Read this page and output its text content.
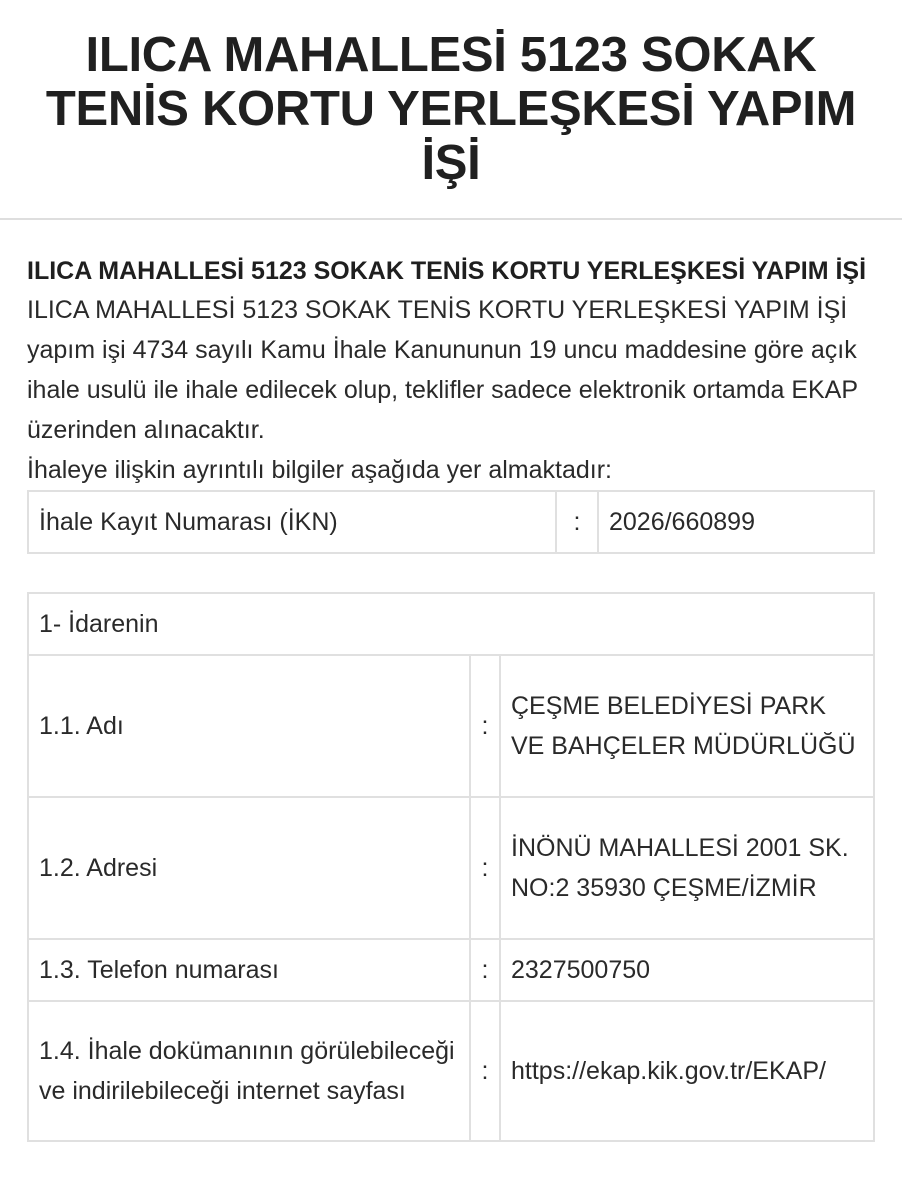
ILICA MAHALLESİ 5123 SOKAK TENİS KORTU YERLEŞKESİ YAPIM İŞİ
ILICA MAHALLESİ 5123 SOKAK TENİS KORTU YERLEŞKESİ YAPIM İŞİ
ILICA MAHALLESİ 5123 SOKAK TENİS KORTU YERLEŞKESİ YAPIM İŞİ yapım işi 4734 sayılı Kamu İhale Kanununun 19 uncu maddesine göre açık ihale usulü ile ihale edilecek olup, teklifler sadece elektronik ortamda EKAP üzerinden alınacaktır.
İhaleye ilişkin ayrıntılı bilgiler aşağıda yer almaktadır:
İhale Kayıt Numarası (İKN)	:	2026/660899
1- İdarenin		
1.1. Adı	:	ÇEŞME BELEDİYESİ PARK VE BAHÇELER MÜDÜRLÜĞÜ
1.2. Adresi	:	İNÖNÜ MAHALLESİ 2001 SK. NO:2 35930 ÇEŞME/İZMİR
1.3. Telefon numarası	:	2327500750
1.4. İhale dokümanının görülebileceği ve indirilebileceği internet sayfası	:	https://ekap.kik.gov.tr/EKAP/
